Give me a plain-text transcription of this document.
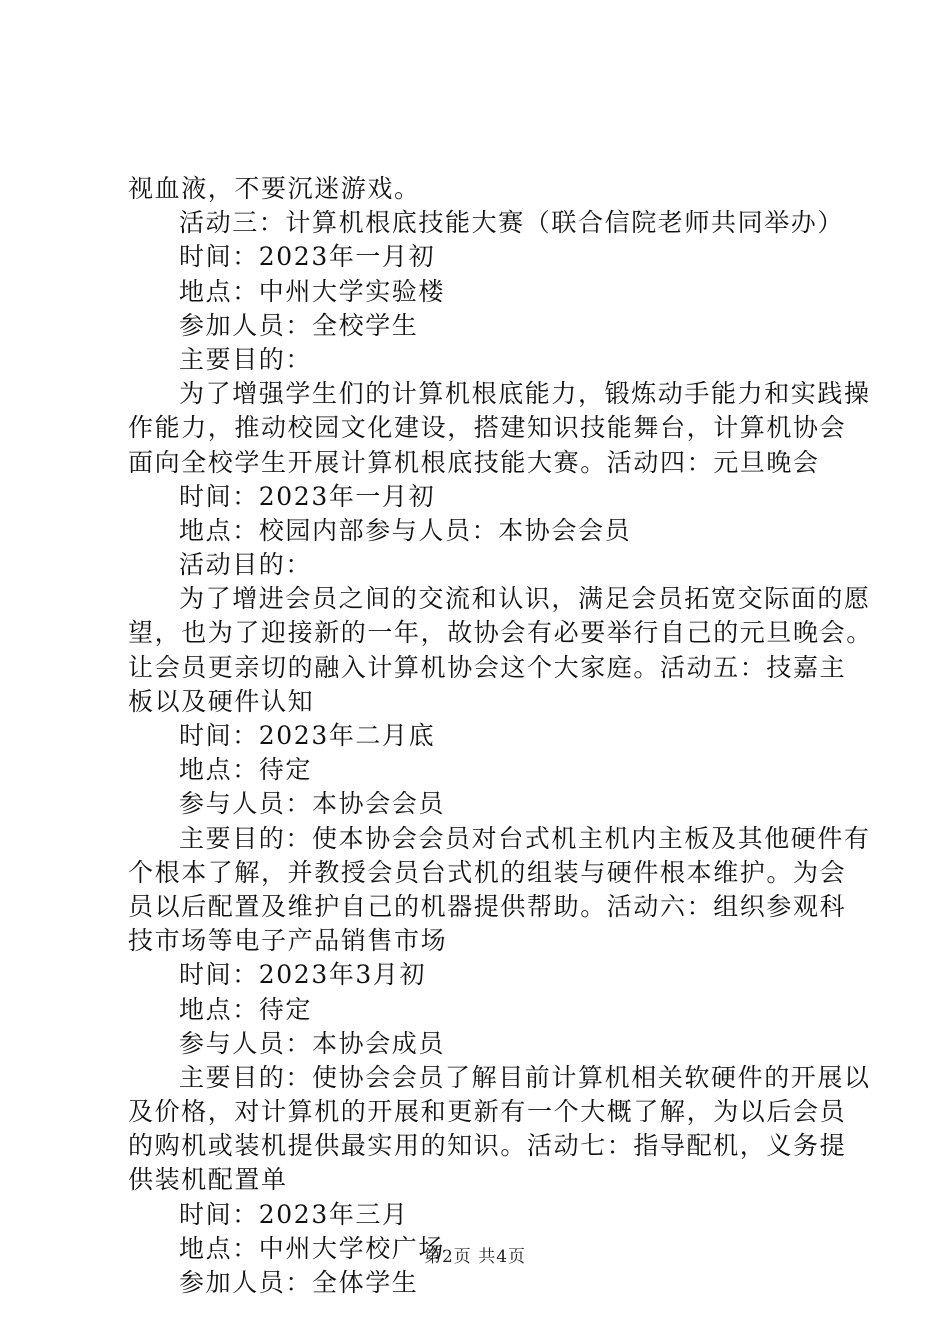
视血液，不要沉迷游戏。
活动三：计算机根底技能大赛（联合信院老师共同举办）
时间：2023年一月初
地点：中州大学实验楼
参加人员：全校学生
主要目的：
为了增强学生们的计算机根底能力，锻炼动手能力和实践操
作能力，推动校园文化建设，搭建知识技能舞台，计算机协会
面向全校学生开展计算机根底技能大赛。活动四：元旦晚会
时间：2023年一月初
地点：校园内部参与人员：本协会会员
活动目的：
为了增进会员之间的交流和认识，满足会员拓宽交际面的愿
望，也为了迎接新的一年，故协会有必要举行自己的元旦晚会。
让会员更亲切的融入计算机协会这个大家庭。活动五：技嘉主
板以及硬件认知
时间：2023年二月底
地点：待定
参与人员：本协会会员
主要目的：使本协会会员对台式机主机内主板及其他硬件有
个根本了解，并教授会员台式机的组装与硬件根本维护。为会
员以后配置及维护自己的机器提供帮助。活动六：组织参观科
技市场等电子产品销售市场
时间：2023年3月初
地点：待定
参与人员：本协会成员
主要目的：使协会会员了解目前计算机相关软硬件的开展以
及价格，对计算机的开展和更新有一个大概了解，为以后会员
的购机或装机提供最实用的知识。活动七：指导配机，义务提
供装机配置单
时间：2023年三月
地点：中州大学校广场
参加人员：全体学生
第2页 共4页
